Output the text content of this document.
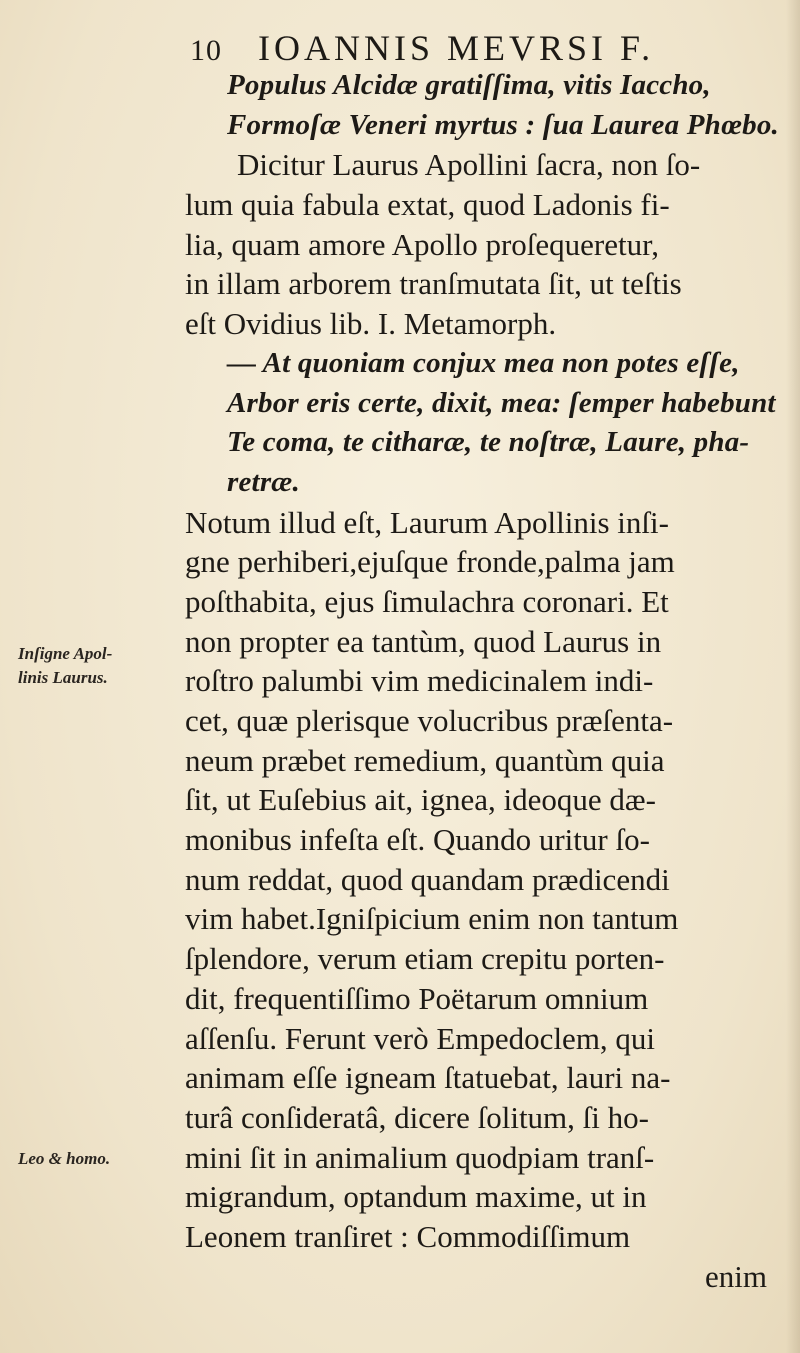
10 IOANNIS MEVRSI F.
Populus Alcidæ gratiſſima, vitis Iaccho,
Formoſæ Veneri myrtus : ſua Laurea Phœbo.
Dicitur Laurus Apollini ſacra, non ſo-
lum quia fabula extat, quod Ladonis fi-
lia, quam amore Apollo proſequeretur,
in illam arborem tranſmutata ſit, ut teſtis
eſt Ovidius lib. I. Metamorph.
— At quoniam conjux mea non potes eſſe,
Arbor eris certe, dixit, mea: ſemper habebunt
Te coma, te citharæ, te noſtræ, Laure, pha-
retræ.
Notum illud eſt, Laurum Apollinis inſi-
gne perhiberi,ejuſque fronde,palma jam
poſthabita, ejus ſimulachra coronari. Et
non propter ea tantùm, quod Laurus in
roſtro palumbi vim medicinalem indi-
cet, quæ plerisque volucribus præſenta-
neum præbet remedium, quantùm quia
ſit, ut Euſebius ait, ignea, ideoque dæ-
monibus infeſta eſt. Quando uritur ſo-
num reddat, quod quandam prædicendi
vim habet.Igniſpicium enim non tantum
ſplendore, verum etiam crepitu porten-
dit, frequentiſſimo Poëtarum omnium
aſſenſu. Ferunt verò Empedoclem, qui
animam eſſe igneam ſtatuebat, lauri na-
turâ conſideratâ, dicere ſolitum, ſi ho-
mini ſit in animalium quodpiam tranſ-
migrandum, optandum maxime, ut in
Leonem tranſiret : Commodiſſimum
enim
Inſigne Apol-
linis Laurus.
Leo & homo.
